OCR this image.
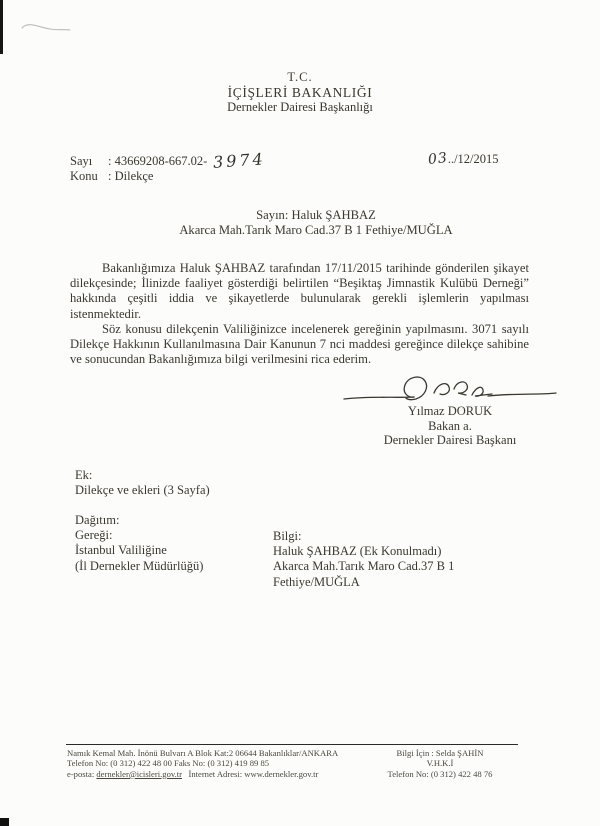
T.C.
İÇİŞLERİ BAKANLIĞI
Dernekler Dairesi Başkanlığı
Sayı : 43669208-667.02- 3974
Konu : Dilekçe
03../12/2015
Sayın: Haluk ŞAHBAZ
Akarca Mah.Tarık Maro Cad.37 B 1 Fethiye/MUĞLA

Bakanlığımıza Haluk ŞAHBAZ tarafından 17/11/2015 tarihinde gönderilen şikayet dilekçesinde; İlinizde faaliyet gösterdiği belirtilen “Beşiktaş Jimnastik Kulübü Derneği” hakkında çeşitli iddia ve şikayetlerde bulunularak gerekli işlemlerin yapılması istenmektedir.

Söz konusu dilekçenin Valiliğinizce incelenerek gereğinin yapılmasını. 3071 sayılı Dilekçe Hakkının Kullanılmasına Dair Kanunun 7 nci maddesi gereğince dilekçe sahibine ve sonucundan Bakanlığımıza bilgi verilmesini rica ederim.

Yılmaz DORUK
Bakan a.
Dernekler Dairesi Başkanı
Ek:
Dilekçe ve ekleri (3 Sayfa)
Dağıtım:
Gereği:
İstanbul Valiliğine
(İl Dernekler Müdürlüğü)
Bilgi:
Haluk ŞAHBAZ (Ek Konulmadı)
Akarca Mah.Tarık Maro Cad.37 B 1
Fethiye/MUĞLA
Namık Kemal Mah. İnönü Bulvarı A Blok Kat:2 06644 Bakanlıklar/ANKARA
Telefon No: (0 312) 422 48 00 Faks No: (0 312) 419 89 85
e-posta: dernekler@icisleri.gov.tr İnternet Adresi: www.dernekler.gov.tr
Bilgi İçin : Selda ŞAHİN
V.H.K.İ
Telefon No: (0 312) 422 48 76
